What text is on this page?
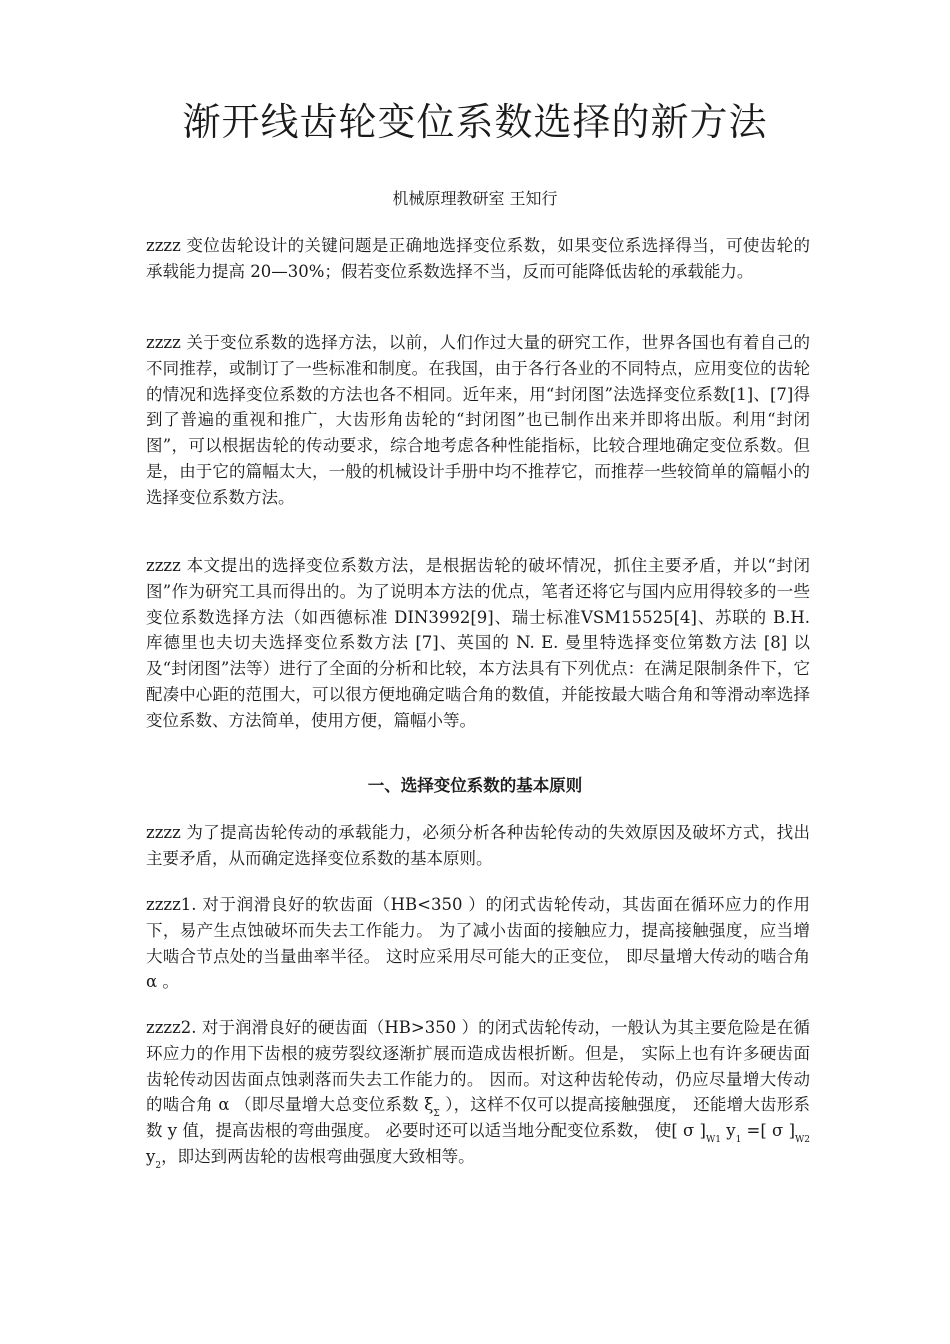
渐开线齿轮变位系数选择的新方法
机械原理教研室 王知行

zzzz 变位齿轮设计的关键问题是正确地选择变位系数，如果变位系选择得当，可使齿轮的承载能力提高 20—30%；假若变位系数选择不当，反而可能降低齿轮的承载能力。

zzzz 关于变位系数的选择方法，以前，人们作过大量的研究工作，世界各国也有着自己的不同推荐，或制订了一些标准和制度。在我国，由于各行各业的不同特点，应用变位的齿轮的情况和选择变位系数的方法也各不相同。近年来，用“封闭图”法选择变位系数[1]、[7]得到了普遍的重视和推广，大齿形角齿轮的“封闭图”也已制作出来并即将出版。利用“封闭图”，可以根据齿轮的传动要求，综合地考虑各种性能指标，比较合理地确定变位系数。但是，由于它的篇幅太大，一般的机械设计手册中均不推荐它，而推荐一些较简单的篇幅小的选择变位系数方法。

zzzz 本文提出的选择变位系数方法，是根据齿轮的破坏情况，抓住主要矛盾，并以“封闭图”作为研究工具而得出的。为了说明本方法的优点，笔者还将它与国内应用得较多的一些变位系数选择方法（如西德标准 DIN3992[9]、瑞士标准VSM15525[4]、苏联的 B.H. 库德里也夫切夫选择变位系数方法 [7]、英国的 N. E. 曼里特选择变位第数方法 [8] 以及“封闭图”法等）进行了全面的分析和比较，本方法具有下列优点：在满足限制条件下，它配凑中心距的范围大，可以很方便地确定啮合角的数值，并能按最大啮合角和等滑动率选择变位系数、方法简单，使用方便，篇幅小等。

一、选择变位系数的基本原则

zzzz 为了提高齿轮传动的承载能力，必须分析各种齿轮传动的失效原因及破坏方式，找出主要矛盾，从而确定选择变位系数的基本原则。

zzzz1. 对于润滑良好的软齿面（HB<350 ）的闭式齿轮传动，其齿面在循环应力的作用下，易产生点蚀破坏而失去工作能力。 为了减小齿面的接触应力，提高接触强度，应当增大啮合节点处的当量曲率半径。 这时应采用尽可能大的正变位， 即尽量增大传动的啮合角 α 。

zzzz2. 对于润滑良好的硬齿面（HB>350 ）的闭式齿轮传动，一般认为其主要危险是在循环应力的作用下齿根的疲劳裂纹逐渐扩展而造成齿根折断。但是， 实际上也有许多硬齿面齿轮传动因齿面点蚀剥落而失去工作能力的。 因而。对这种齿轮传动，仍应尽量增大传动的啮合角 α （即尽量增大总变位系数 $\xi_\Sigma$ ），这样不仅可以提高接触强度， 还能增大齿形系数 y 值，提高齿根的弯曲强度。 必要时还可以适当地分配变位系数， 使[ σ ]$_{W1}$ $y_1$ =[ σ ]$_{W2}$ $y_2$，即达到两齿轮的齿根弯曲强度大致相等。
